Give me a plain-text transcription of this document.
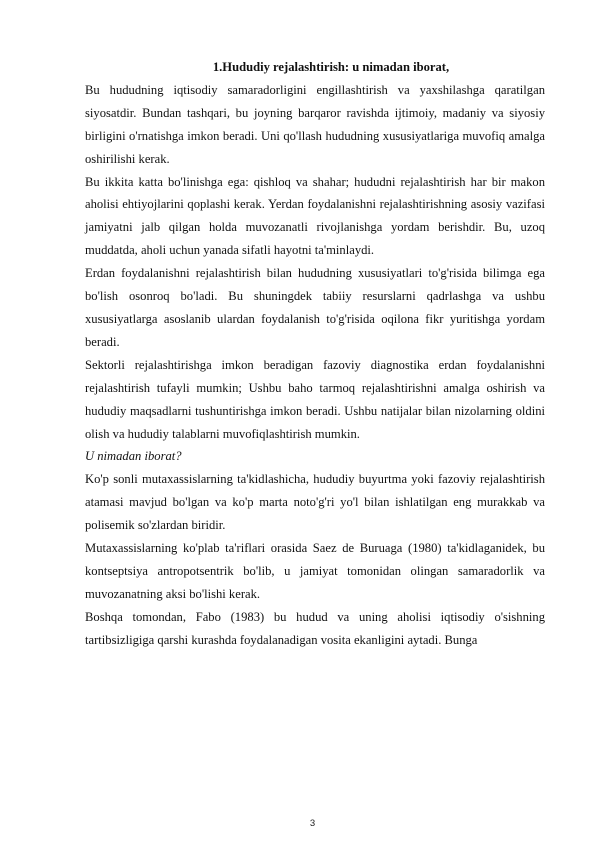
1.Hududiy rejalashtirish: u nimadan iborat,

Bu hududning iqtisodiy samaradorligini engillashtirish va yaxshilashga qaratilgan siyosatdir. Bundan tashqari, bu joyning barqaror ravishda ijtimoiy, madaniy va siyosiy birligini o'rnatishga imkon beradi. Uni qo'llash hududning xususiyatlariga muvofiq amalga oshirilishi kerak.

Bu ikkita katta bo'linishga ega: qishloq va shahar; hududni rejalashtirish har bir makon aholisi ehtiyojlarini qoplashi kerak. Yerdan foydalanishni rejalashtirishning asosiy vazifasi jamiyatni jalb qilgan holda muvozanatli rivojlanishga yordam berishdir. Bu, uzoq muddatda, aholi uchun yanada sifatli hayotni ta'minlaydi.

Erdan foydalanishni rejalashtirish bilan hududning xususiyatlari to'g'risida bilimga ega bo'lish osonroq bo'ladi. Bu shuningdek tabiiy resurslarni qadrlashga va ushbu xususiyatlarga asoslanib ulardan foydalanish to'g'risida oqilona fikr yuritishga yordam beradi.

Sektorli rejalashtirishga imkon beradigan fazoviy diagnostika erdan foydalanishni rejalashtirish tufayli mumkin; Ushbu baho tarmoq rejalashtirishni amalga oshirish va hududiy maqsadlarni tushuntirishga imkon beradi. Ushbu natijalar bilan nizolarning oldini olish va hududiy talablarni muvofiqlashtirish mumkin.

U nimadan iborat?

Ko'p sonli mutaxassislarning ta'kidlashicha, hududiy buyurtma yoki fazoviy rejalashtirish atamasi mavjud bo'lgan va ko'p marta noto'g'ri yo'l bilan ishlatilgan eng murakkab va polisemik so'zlardan biridir.

Mutaxassislarning ko'plab ta'riflari orasida Saez de Buruaga (1980) ta'kidlaganidek, bu kontseptsiya antropotsentrik bo'lib, u jamiyat tomonidan olingan samaradorlik va muvozanatning aksi bo'lishi kerak.

Boshqa tomondan, Fabo (1983) bu hudud va uning aholisi iqtisodiy o'sishning tartibsizligiga qarshi kurashda foydalanadigan vosita ekanligini aytadi. Bunga

3
